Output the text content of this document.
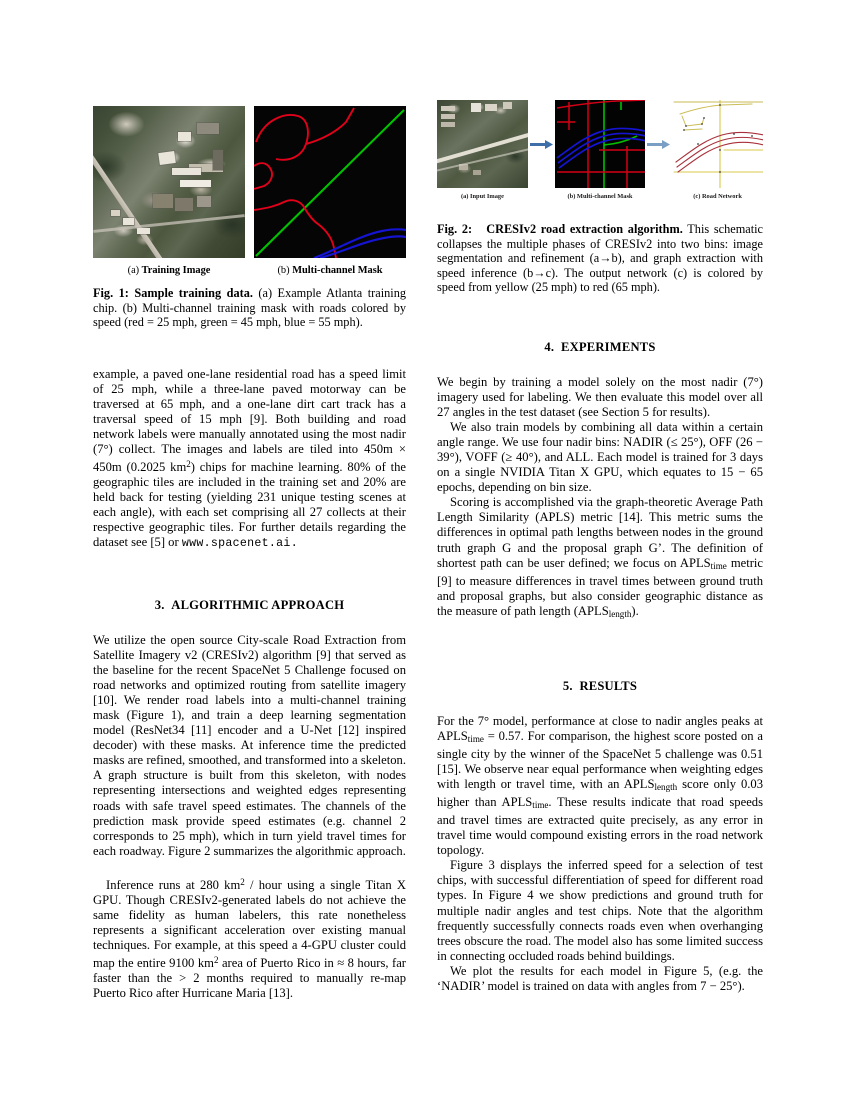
(a) Training Image	(b) Multi-channel Mask
Fig. 1: Sample training data. (a) Example Atlanta training chip. (b) Multi-channel training mask with roads colored by speed (red = 25 mph, green = 45 mph, blue = 55 mph).
(a) Input Image	(b) Multi-channel Mask	(c) Road Network
Fig. 2: CRESIv2 road extraction algorithm. This schematic collapses the multiple phases of CRESIv2 into two bins: image segmentation and refinement (a→b), and graph extraction with speed inference (b→c). The output network (c) is colored by speed from yellow (25 mph) to red (65 mph).

example, a paved one-lane residential road has a speed limit of 25 mph, while a three-lane paved motorway can be traversed at 65 mph, and a one-lane dirt cart track has a traversal speed of 15 mph [9]. Both building and road network labels were manually annotated using the most nadir (7°) collect. The images and labels are tiled into 450m × 450m (0.2025 $km^2$) chips for machine learning. 80% of the geographic tiles are included in the training set and 20% are held back for testing (yielding 231 unique testing scenes at each angle), with each set comprising all 27 collects at their respective geographic tiles. For further details regarding the dataset see [5] or www.spacenet.ai.

3. ALGORITHMIC APPROACH

We utilize the open source City-scale Road Extraction from Satellite Imagery v2 (CRESIv2) algorithm [9] that served as the baseline for the recent SpaceNet 5 Challenge focused on road networks and optimized routing from satellite imagery [10]. We render road labels into a multi-channel training mask (Figure 1), and train a deep learning segmentation model (ResNet34 [11] encoder and a U-Net [12] inspired decoder) with these masks. At inference time the predicted masks are refined, smoothed, and transformed into a skeleton. A graph structure is built from this skeleton, with nodes representing intersections and weighted edges representing roads with safe travel speed estimates. The channels of the prediction mask provide speed estimates (e.g. channel 2 corresponds to 25 mph), which in turn yield travel times for each roadway. Figure 2 summarizes the algorithmic approach.

Inference runs at 280 $km^2$ / hour using a single Titan X GPU. Though CRESIv2-generated labels do not achieve the same fidelity as human labelers, this rate nonetheless represents a significant acceleration over existing manual techniques. For example, at this speed a 4-GPU cluster could map the entire 9100 $km^2$ area of Puerto Rico in ≈ 8 hours, far faster than the > 2 months required to manually re-map Puerto Rico after Hurricane Maria [13].

4. EXPERIMENTS

We begin by training a model solely on the most nadir (7°) imagery used for labeling. We then evaluate this model over all 27 angles in the test dataset (see Section 5 for results).

We also train models by combining all data within a certain angle range. We use four nadir bins: NADIR (≤ 25°), OFF (26 − 39°), VOFF (≥ 40°), and ALL. Each model is trained for 3 days on a single NVIDIA Titan X GPU, which equates to 15 − 65 epochs, depending on bin size.

Scoring is accomplished via the graph-theoretic Average Path Length Similarity (APLS) metric [14]. This metric sums the differences in optimal path lengths between nodes in the ground truth graph G and the proposal graph G’. The definition of shortest path can be user defined; we focus on $APLS_{time}$ metric [9] to measure differences in travel times between ground truth and proposal graphs, but also consider geographic distance as the measure of path length $(APLS_{length})$.

5. RESULTS

For the 7° model, performance at close to nadir angles peaks at $APLS_{time} = 0.57$. For comparison, the highest score posted on a single city by the winner of the SpaceNet 5 challenge was 0.51 [15]. We observe near equal performance when weighting edges with length or travel time, with an $APLS_{length}$ score only 0.03 higher than $APLS_{time}$. These results indicate that road speeds and travel times are extracted quite precisely, as any error in travel time would compound existing errors in the road network topology.

Figure 3 displays the inferred speed for a selection of test chips, with successful differentiation of speed for different road types. In Figure 4 we show predictions and ground truth for multiple nadir angles and test chips. Note that the algorithm frequently successfully connects roads even when overhanging trees obscure the road. The model also has some limited success in connecting occluded roads behind buildings.

We plot the results for each model in Figure 5, (e.g. the ‘NADIR’ model is trained on data with angles from 7 − 25°).
